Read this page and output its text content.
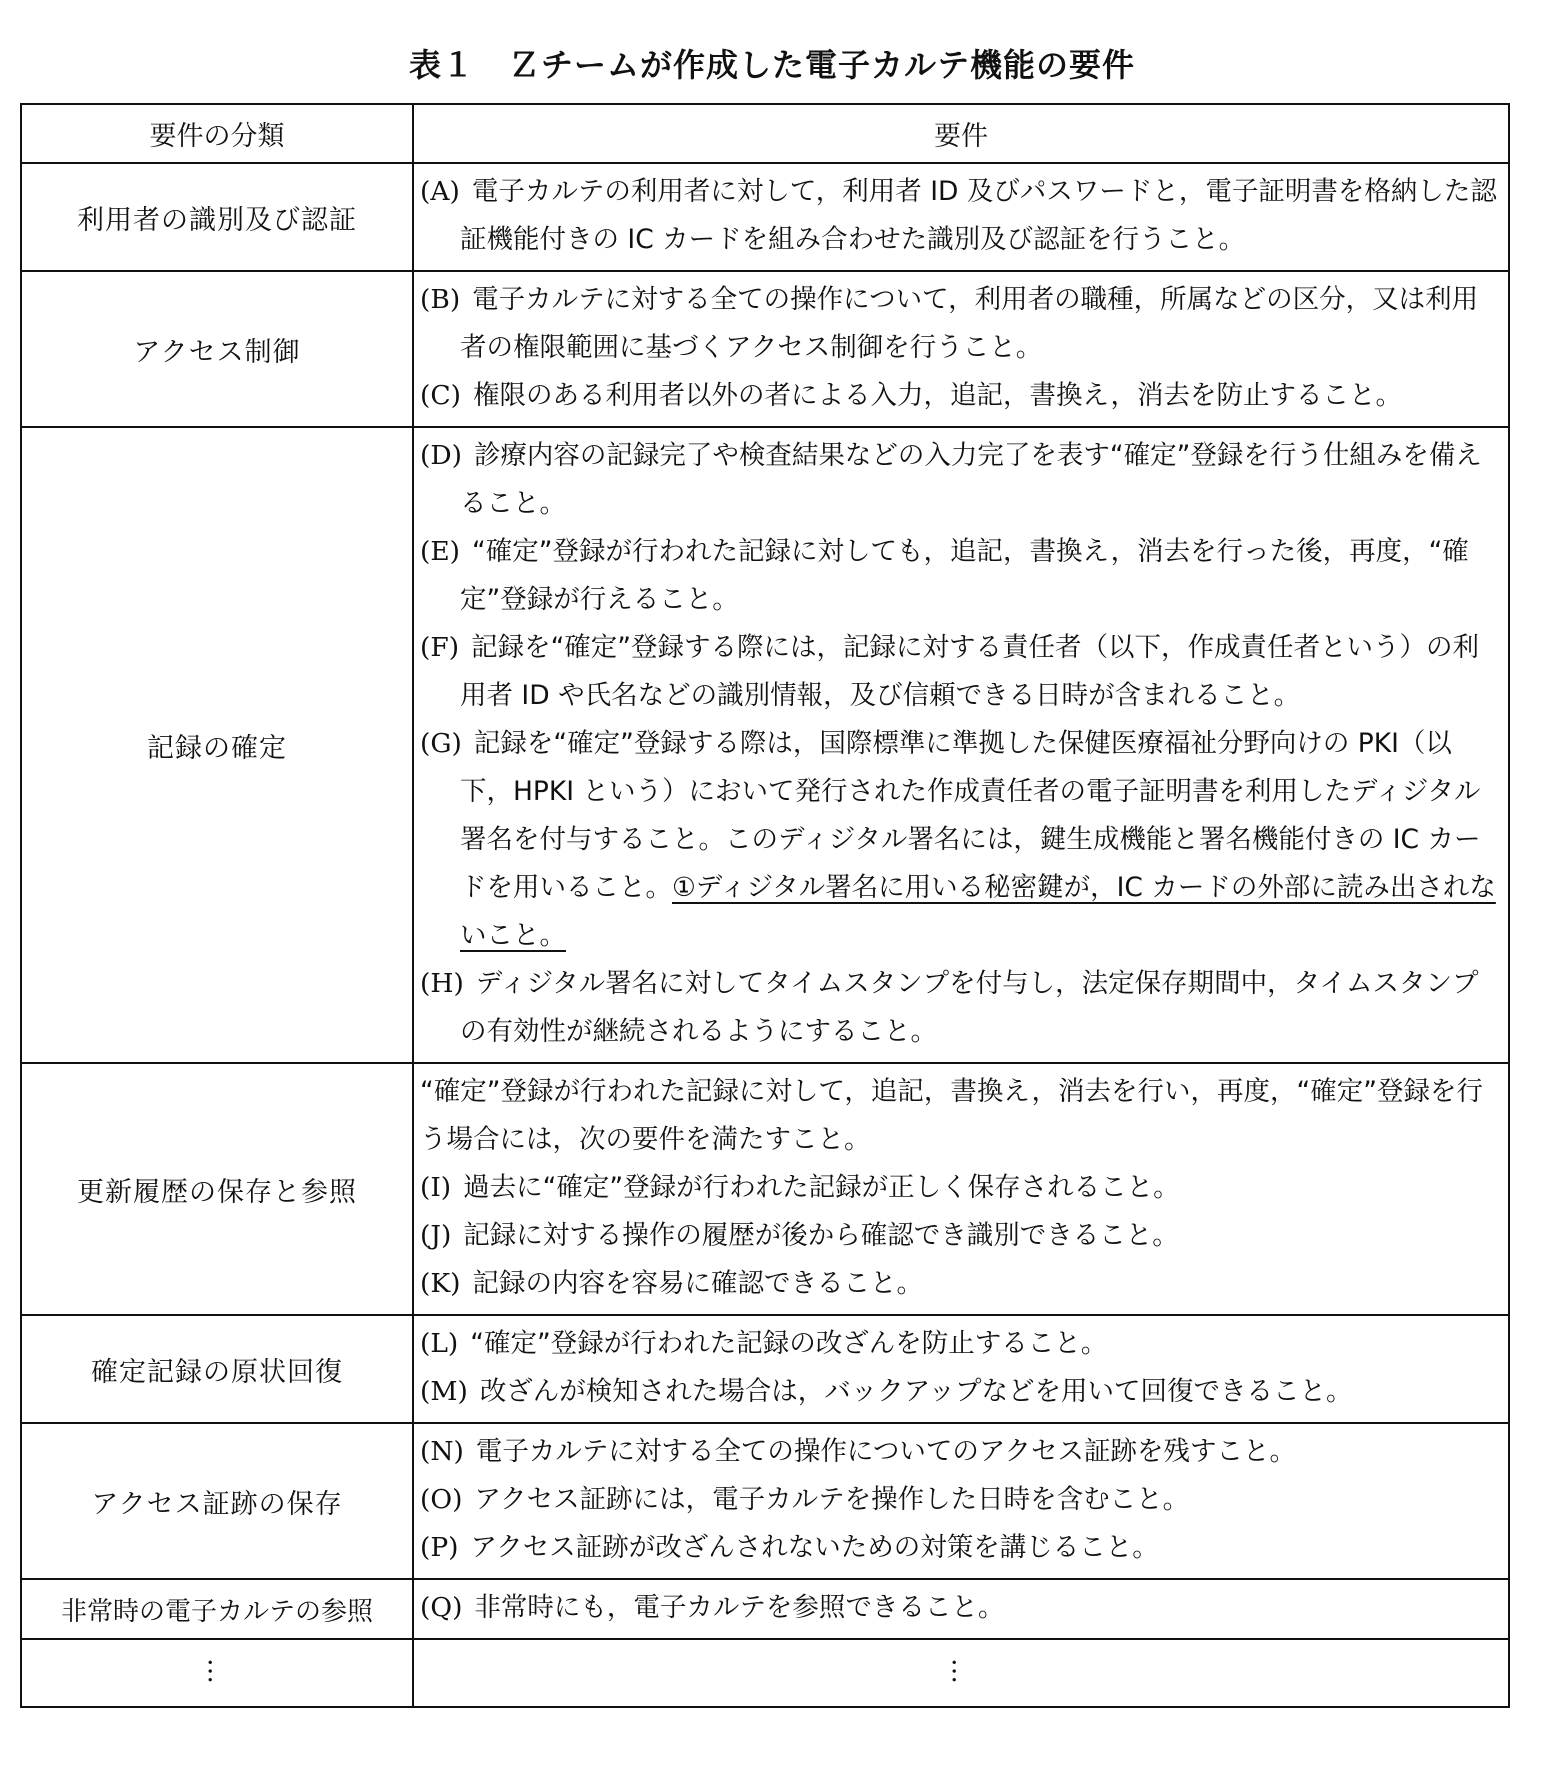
表１　Ｚチームが作成した電子カルテ機能の要件
要件の分類	要件
利用者の識別及び認証	(A) 電子カルテの利用者に対して，利用者 ID 及びパスワードと，電子証明書を格納した認証機能付きの IC カードを組み合わせた識別及び認証を行うこと。

アクセス制御	(B) 電子カルテに対する全ての操作について，利用者の職種，所属などの区分，又は利用者の権限範囲に基づくアクセス制御を行うこと。
(C) 権限のある利用者以外の者による入力，追記，書換え，消去を防止すること。

記録の確定	(D) 診療内容の記録完了や検査結果などの入力完了を表す“確定”登録を行う仕組みを備えること。
(E) “確定”登録が行われた記録に対しても，追記，書換え，消去を行った後，再度，“確定”登録が行えること。
(F) 記録を“確定”登録する際には，記録に対する責任者（以下，作成責任者という）の利用者 ID や氏名などの識別情報，及び信頼できる日時が含まれること。
(G) 記録を“確定”登録する際は，国際標準に準拠した保健医療福祉分野向けの PKI（以下，HPKI という）において発行された作成責任者の電子証明書を利用したディジタル署名を付与すること。このディジタル署名には，鍵生成機能と署名機能付きの IC カードを用いること。①ディジタル署名に用いる秘密鍵が，IC カードの外部に読み出されないこと。
(H) ディジタル署名に対してタイムスタンプを付与し，法定保存期間中，タイムスタンプの有効性が継続されるようにすること。

更新履歴の保存と参照	“確定”登録が行われた記録に対して，追記，書換え，消去を行い，再度，“確定”登録を行う場合には，次の要件を満たすこと。
(I) 過去に“確定”登録が行われた記録が正しく保存されること。
(J) 記録に対する操作の履歴が後から確認でき識別できること。
(K) 記録の内容を容易に確認できること。

確定記録の原状回復	(L) “確定”登録が行われた記録の改ざんを防止すること。
(M) 改ざんが検知された場合は，バックアップなどを用いて回復できること。

アクセス証跡の保存	(N) 電子カルテに対する全ての操作についてのアクセス証跡を残すこと。
(O) アクセス証跡には，電子カルテを操作した日時を含むこと。
(P) アクセス証跡が改ざんされないための対策を講じること。

非常時の電子カルテの参照	(Q) 非常時にも，電子カルテを参照できること。

…	…
